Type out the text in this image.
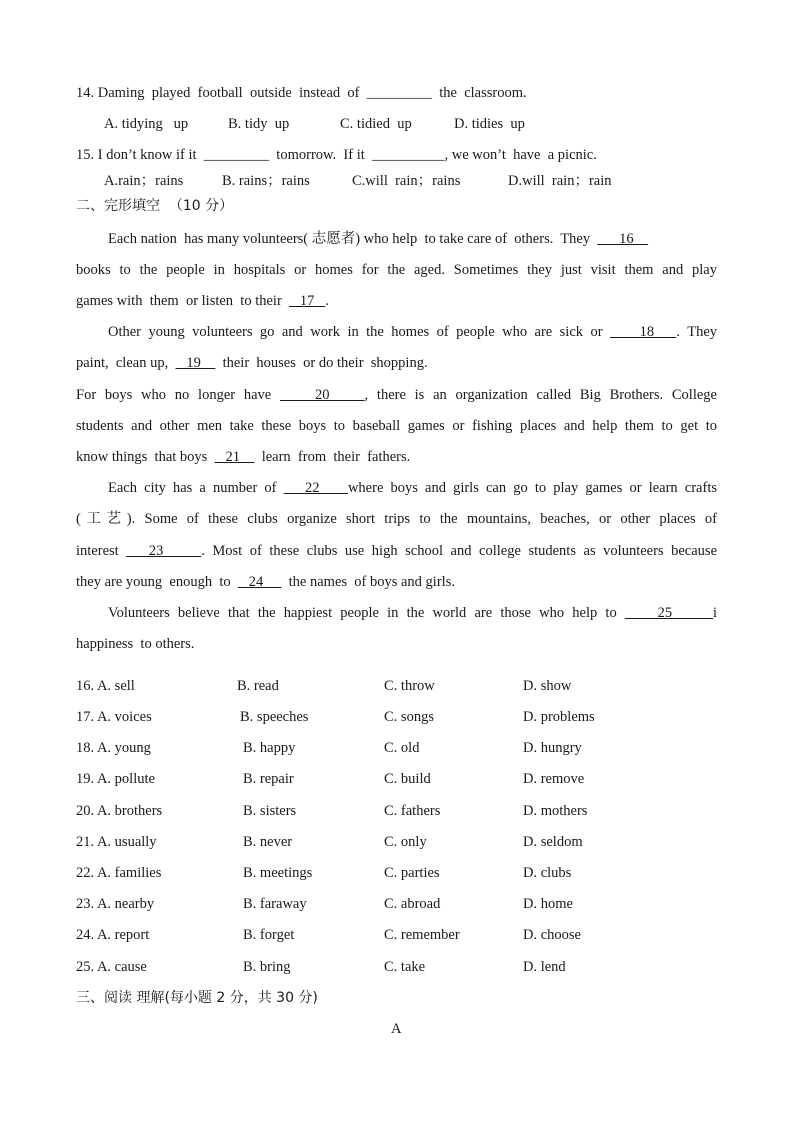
14. Daming  played  football  outside  instead  of  _________  the  classroom.
A. tidying   up	B. tidy  up	C. tidied  up	D. tidies  up
15. I don’t know if it  _________  tomorrow.  If it  __________, we won’t  have  a picnic.
A.rain；rains	B. rains；rains	C.will  rain；rains	D.will  rain；rain
二、完形填空  （10 分）
Each nation  has many volunteers( 志愿者) who help  to take care of  others.  They        16
books to the people in hospitals or homes for the aged. Sometimes they just visit them and play
games with  them  or listen  to their     17   .
Other young volunteers go and work in the homes of people who are sick or     18   . They
paint,  clean up,     19      their  houses  or do their  shopping.
For boys who no longer have     20    , there is an organization called Big Brothers. College
students and other men take these boys to baseball games or fishing places and help them to get to
know things  that boys     21      learn  from  their  fathers.
Each city has a number of    22    where boys and girls can go to play games or learn crafts
(工艺). Some of these clubs organize short trips to the mountains, beaches, or other places of
interest    23     . Most of these clubs use high school and college students as volunteers because
they are young  enough  to     24       the names  of boys and girls.
Volunteers believe that the happiest people in the world are those who help to     25     i
happiness  to others.
16. A. sell	B. read	C. throw	D. show
17. A. voices	B. speeches	C. songs	D. problems
18. A. young	B. happy	C. old	D. hungry
19. A. pollute	B. repair	C. build	D. remove
20. A. brothers	B. sisters	C. fathers	D. mothers
21. A. usually	B. never	C. only	D. seldom
22. A. families	B. meetings	C. parties	D. clubs
23. A. nearby	B. faraway	C. abroad	D. home
24. A. report	B. forget	C. remember	D. choose
25. A. cause	B. bring	C. take	D. lend
三、阅读 理解(每小题 2 分，共 30 分)
A
